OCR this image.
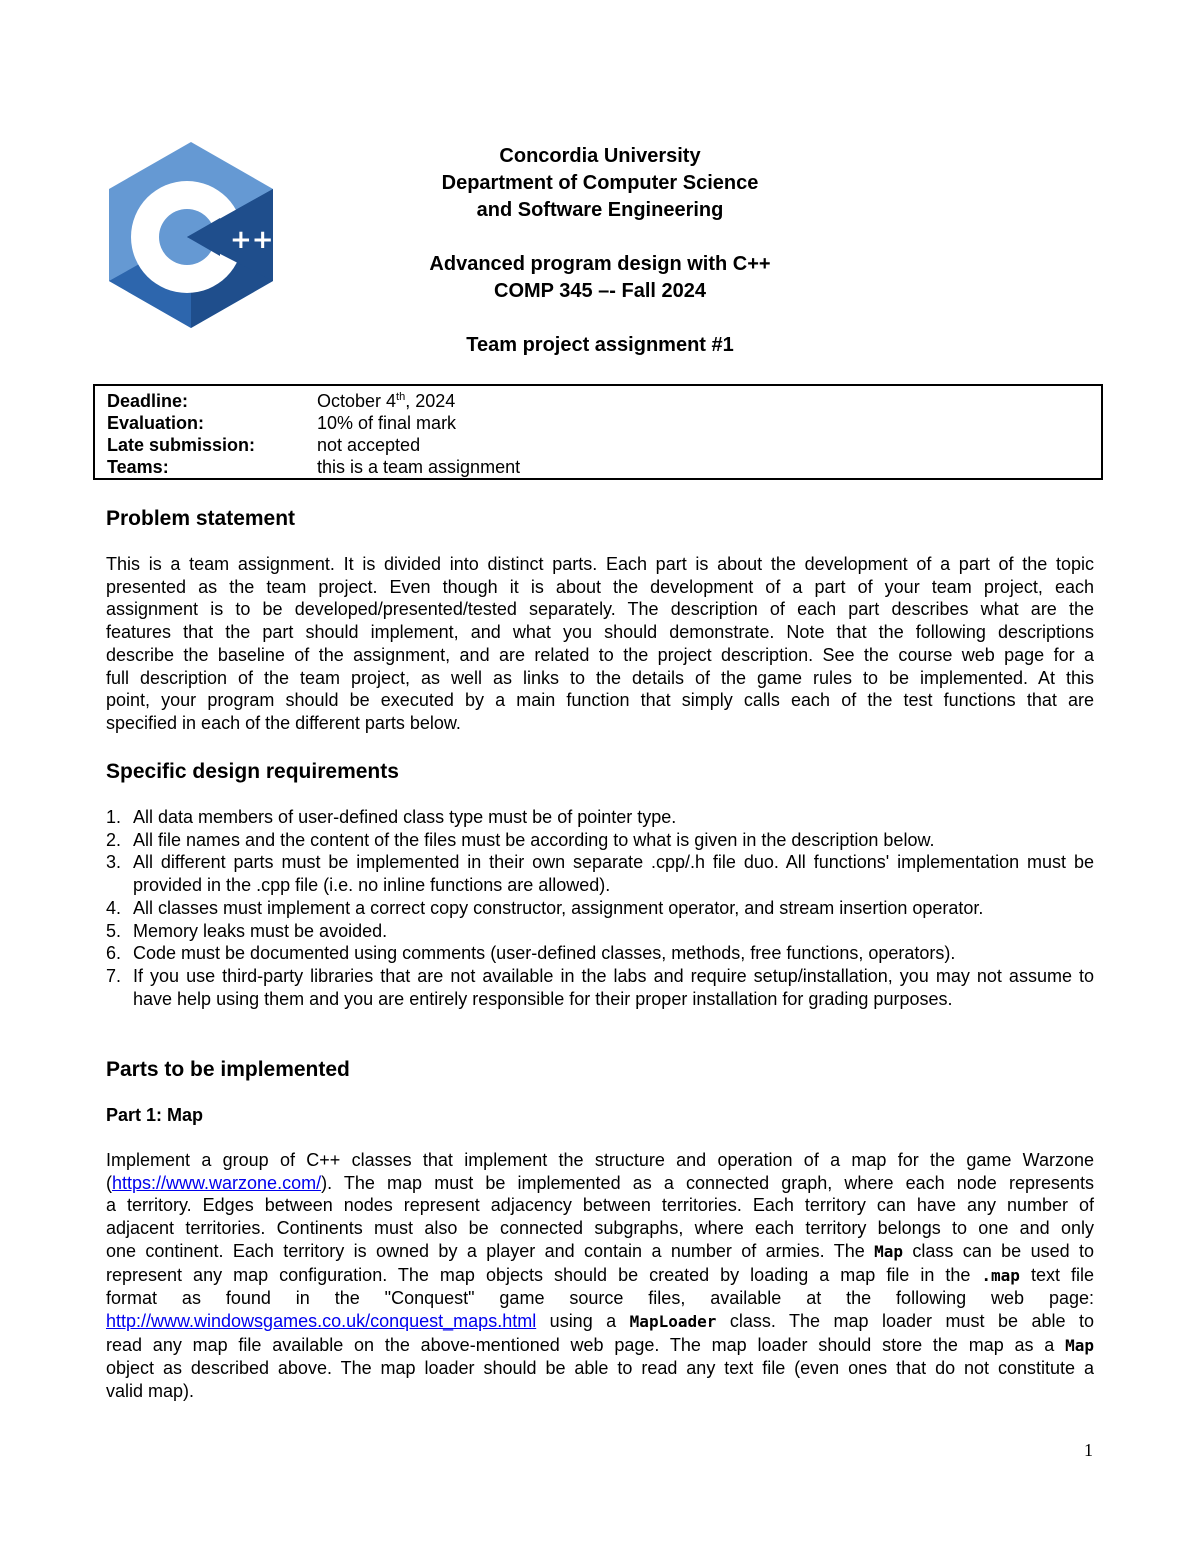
++
Concordia University
Department of Computer Science
and Software Engineering
Advanced program design with C++
COMP 345 –- Fall 2024
Team project assignment #1
Deadline:	October 4th, 2024
Evaluation:	10% of final mark
Late submission:	not accepted
Teams:	this is a team assignment
Problem statement
This is a team assignment. It is divided into distinct parts. Each part is about the development of a part of the topic
presented as the team project. Even though it is about the development of a part of your team project, each
assignment is to be developed/presented/tested separately. The description of each part describes what are the
features that the part should implement, and what you should demonstrate. Note that the following descriptions
describe the baseline of the assignment, and are related to the project description. See the course web page for a
full description of the team project, as well as links to the details of the game rules to be implemented. At this
point, your program should be executed by a main function that simply calls each of the test functions that are
specified in each of the different parts below.
Specific design requirements
1. All data members of user-defined class type must be of pointer type.
2. All file names and the content of the files must be according to what is given in the description below.
3. All different parts must be implemented in their own separate .cpp/.h file duo. All functions' implementation must be provided in the .cpp file (i.e. no inline functions are allowed).
4. All classes must implement a correct copy constructor, assignment operator, and stream insertion operator.
5. Memory leaks must be avoided.
6. Code must be documented using comments (user-defined classes, methods, free functions, operators).
7. If you use third-party libraries that are not available in the labs and require setup/installation, you may not assume to have help using them and you are entirely responsible for their proper installation for grading purposes.
Parts to be implemented
Part 1: Map
Implement a group of C++ classes that implement the structure and operation of a map for the game Warzone
(https://www.warzone.com/). The map must be implemented as a connected graph, where each node represents
a territory. Edges between nodes represent adjacency between territories. Each territory can have any number of
adjacent territories. Continents must also be connected subgraphs, where each territory belongs to one and only
one continent. Each territory is owned by a player and contain a number of armies. The Map class can be used to
represent any map configuration. The map objects should be created by loading a map file in the .map text file
format as found in the "Conquest" game source files, available at the following web page:
http://www.windowsgames.co.uk/conquest_maps.html using a MapLoader class. The map loader must be able to
read any map file available on the above-mentioned web page. The map loader should store the map as a Map
object as described above. The map loader should be able to read any text file (even ones that do not constitute a
valid map).
1
